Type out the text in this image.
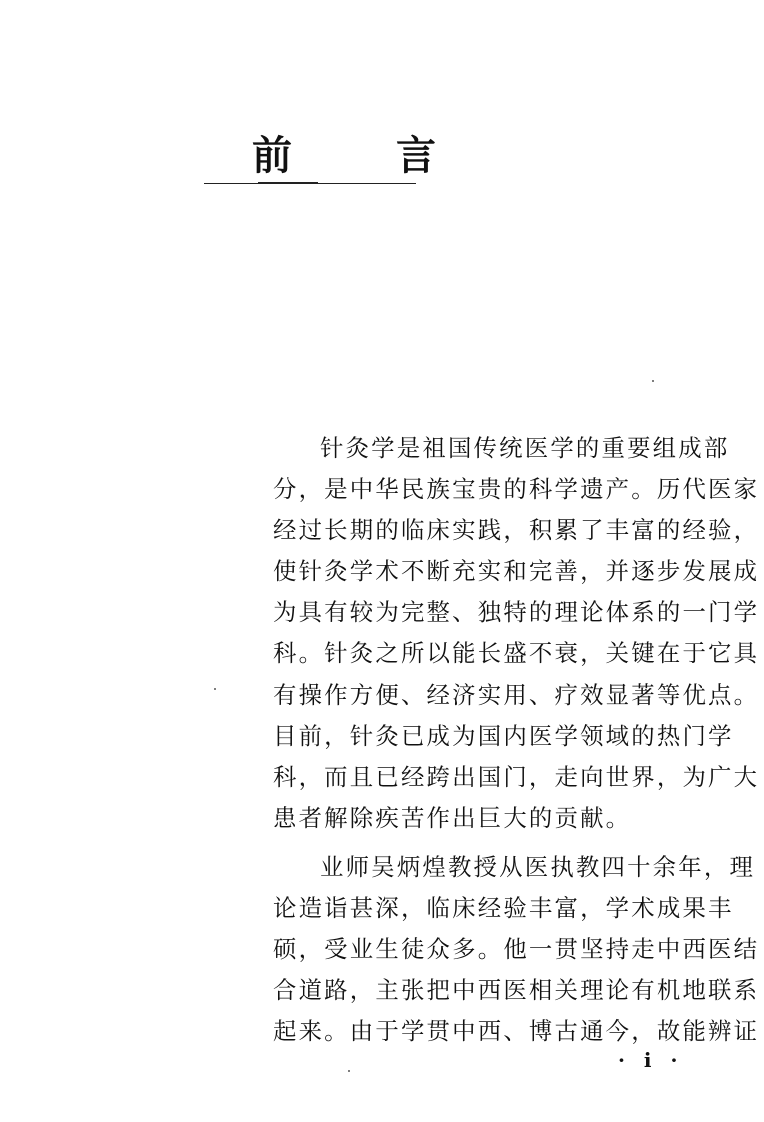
前　言

针灸学是祖国传统医学的重要组成部
分，是中华民族宝贵的科学遗产。历代医家
经过长期的临床实践，积累了丰富的经验，
使针灸学术不断充实和完善，并逐步发展成
为具有较为完整、独特的理论体系的一门学
科。针灸之所以能长盛不衰，关键在于它具
有操作方便、经济实用、疗效显著等优点。
目前，针灸已成为国内医学领域的热门学
科，而且已经跨出国门，走向世界，为广大
患者解除疾苦作出巨大的贡献。

业师吴炳煌教授从医执教四十余年，理
论造诣甚深，临床经验丰富，学术成果丰
硕，受业生徒众多。他一贯坚持走中西医结
合道路，主张把中西医相关理论有机地联系
起来。由于学贯中西、博古通今，故能辨证

· i ·
